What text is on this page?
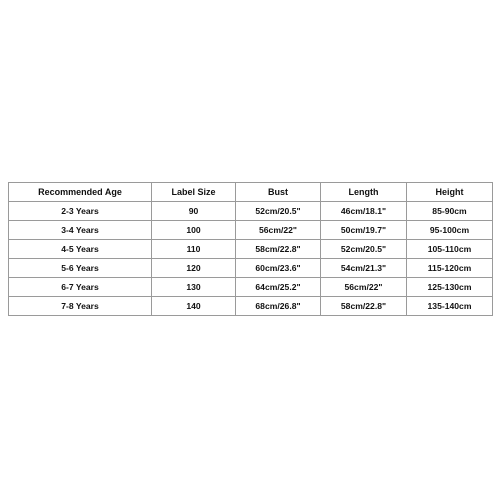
Recommended Age	Label Size	Bust	Length	Height
2-3 Years	90	52cm/20.5"	46cm/18.1"	85-90cm
3-4 Years	100	56cm/22"	50cm/19.7"	95-100cm
4-5 Years	110	58cm/22.8"	52cm/20.5"	105-110cm
5-6 Years	120	60cm/23.6"	54cm/21.3"	115-120cm
6-7 Years	130	64cm/25.2"	56cm/22"	125-130cm
7-8 Years	140	68cm/26.8"	58cm/22.8"	135-140cm
